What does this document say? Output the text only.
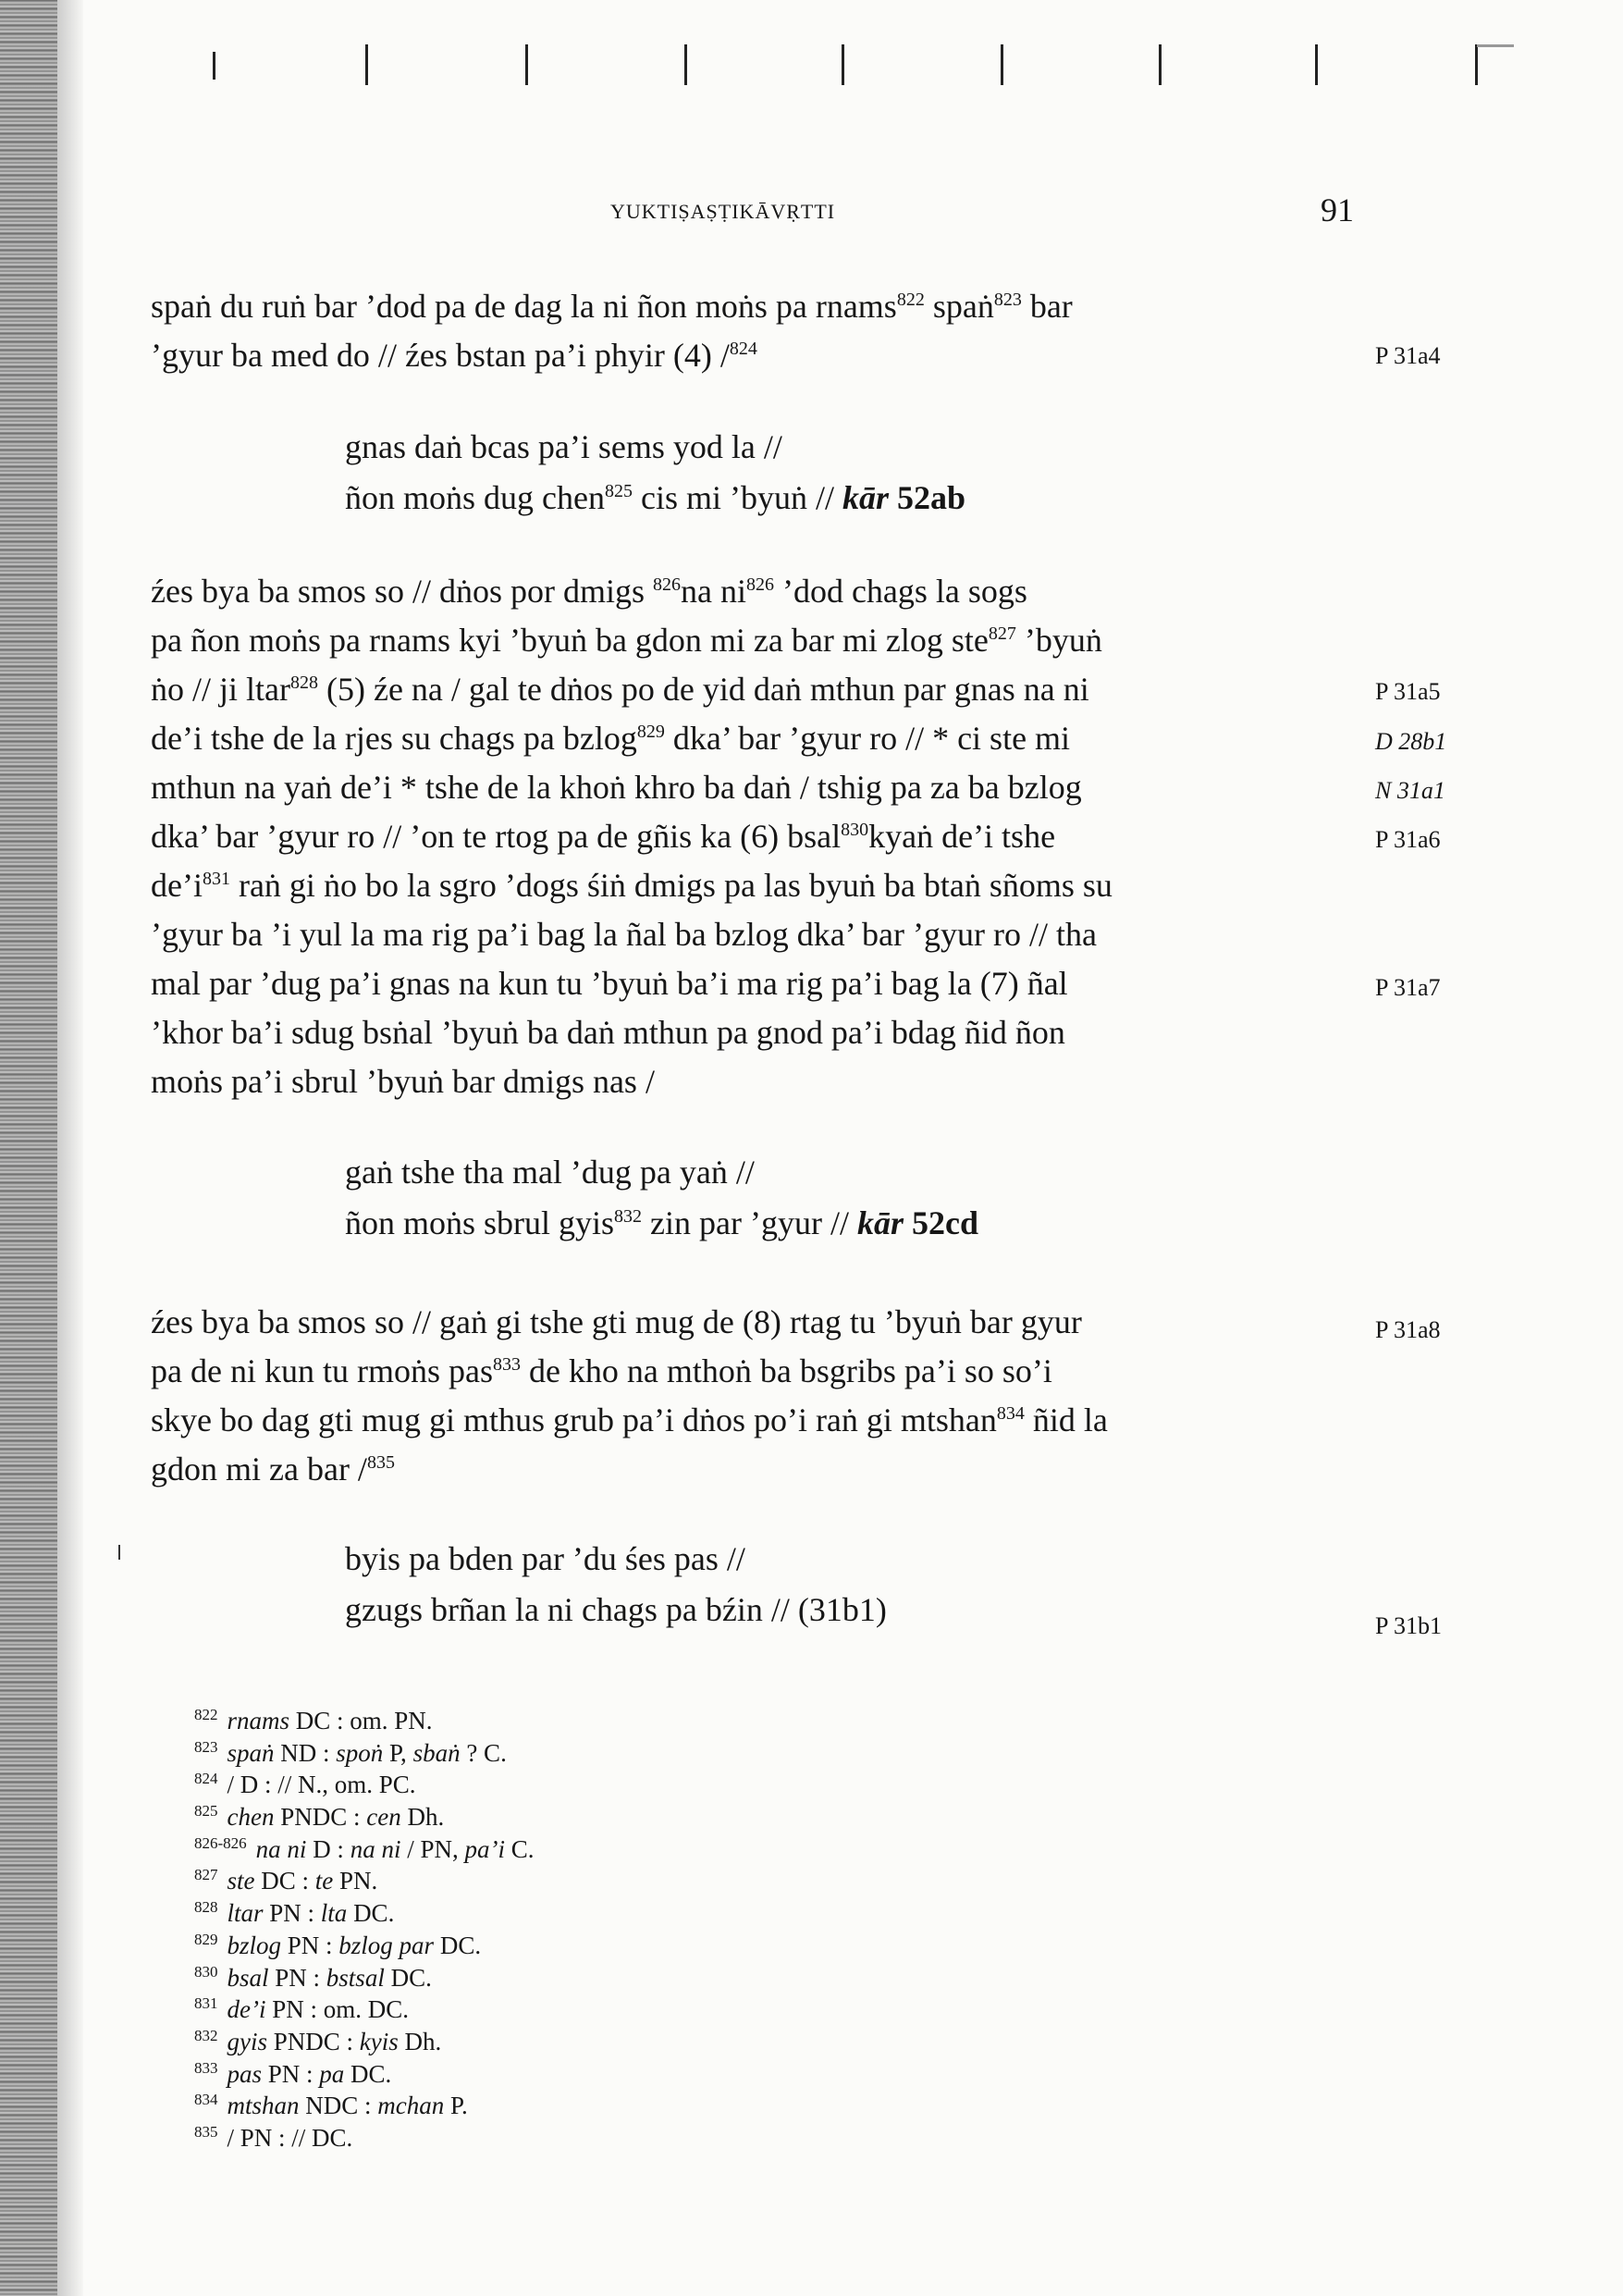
YUKTIṢAṢṬIKĀVṚTTI	91
spaṅ du ruṅ bar ’dod pa de dag la ni ñon moṅs pa rnams$^{822}$ spaṅ$^{823}$ bar
’gyur ba med do // źes bstan pa’i phyir (4) /$^{824}$
gnas daṅ bcas pa’i sems yod la //
ñon moṅs dug chen$^{825}$ cis mi ’byuṅ // kār 52ab
źes bya ba smos so // dṅos por dmigs $^{826}$na $ni^{826}$ ’dod chags la sogs
pa ñon moṅs pa rnams kyi ’byuṅ ba gdon mi za bar mi zlog ste$^{827}$ ’byuṅ
ṅo // ji ltar$^{828}$ (5) źe na / gal te dṅos po de yid daṅ mthun par gnas na ni
de’i tshe de la rjes su chags pa bzlog$^{829}$ dka’ bar ’gyur ro // * ci ste mi
mthun na yaṅ de’i * tshe de la khoṅ khro ba daṅ / tshig pa za ba bzlog
dka’ bar ’gyur ro // ’on te rtog pa de gñis ka (6) bsal$^{830}$kyaṅ de’i tshe
$de’i^{831}$ raṅ gi ṅo bo la sgro ’dogs śiṅ dmigs pa las byuṅ ba btaṅ sñoms su
’gyur ba ’i yul la ma rig pa’i bag la ñal ba bzlog dka’ bar ’gyur ro // tha
mal par ’dug pa’i gnas na kun tu ’byuṅ ba’i ma rig pa’i bag la (7) ñal
’khor ba’i sdug bsṅal ’byuṅ ba daṅ mthun pa gnod pa’i bdag ñid ñon
moṅs pa’i sbrul ’byuṅ bar dmigs nas /
gaṅ tshe tha mal ’dug pa yaṅ //
ñon moṅs sbrul gyis$^{832}$ zin par ’gyur // kār 52cd
źes bya ba smos so // gaṅ gi tshe gti mug de (8) rtag tu ’byuṅ bar gyur
pa de ni kun tu rmoṅs pas$^{833}$ de kho na mthoṅ ba bsgribs pa’i so so’i
skye bo dag gti mug gi mthus grub pa’i dṅos po’i raṅ gi mtshan$^{834}$ ñid la
gdon mi za bar /$^{835}$
byis pa bden par ’du śes pas //
gzugs brñan la ni chags pa bźin // (31b1)
P 31a4
P 31a5
D 28b1
N 31a1
P 31a6
P 31a7
P 31a8
P 31b1
$^{822}$ rnams DC : om. PN.
$^{823}$ spaṅ ND : spoṅ P, sbaṅ ? C.
$^{824}$ / D : // N., om. PC.
$^{825}$ chen PNDC : cen Dh.
$^{826-826}$ na ni D : na ni / PN, pa’i C.
$^{827}$ ste DC : te PN.
$^{828}$ ltar PN : lta DC.
$^{829}$ bzlog PN : bzlog par DC.
$^{830}$ bsal PN : bstsal DC.
$^{831}$ de’i PN : om. DC.
$^{832}$ gyis PNDC : kyis Dh.
$^{833}$ pas PN : pa DC.
$^{834}$ mtshan NDC : mchan P.
$^{835}$ / PN : // DC.
